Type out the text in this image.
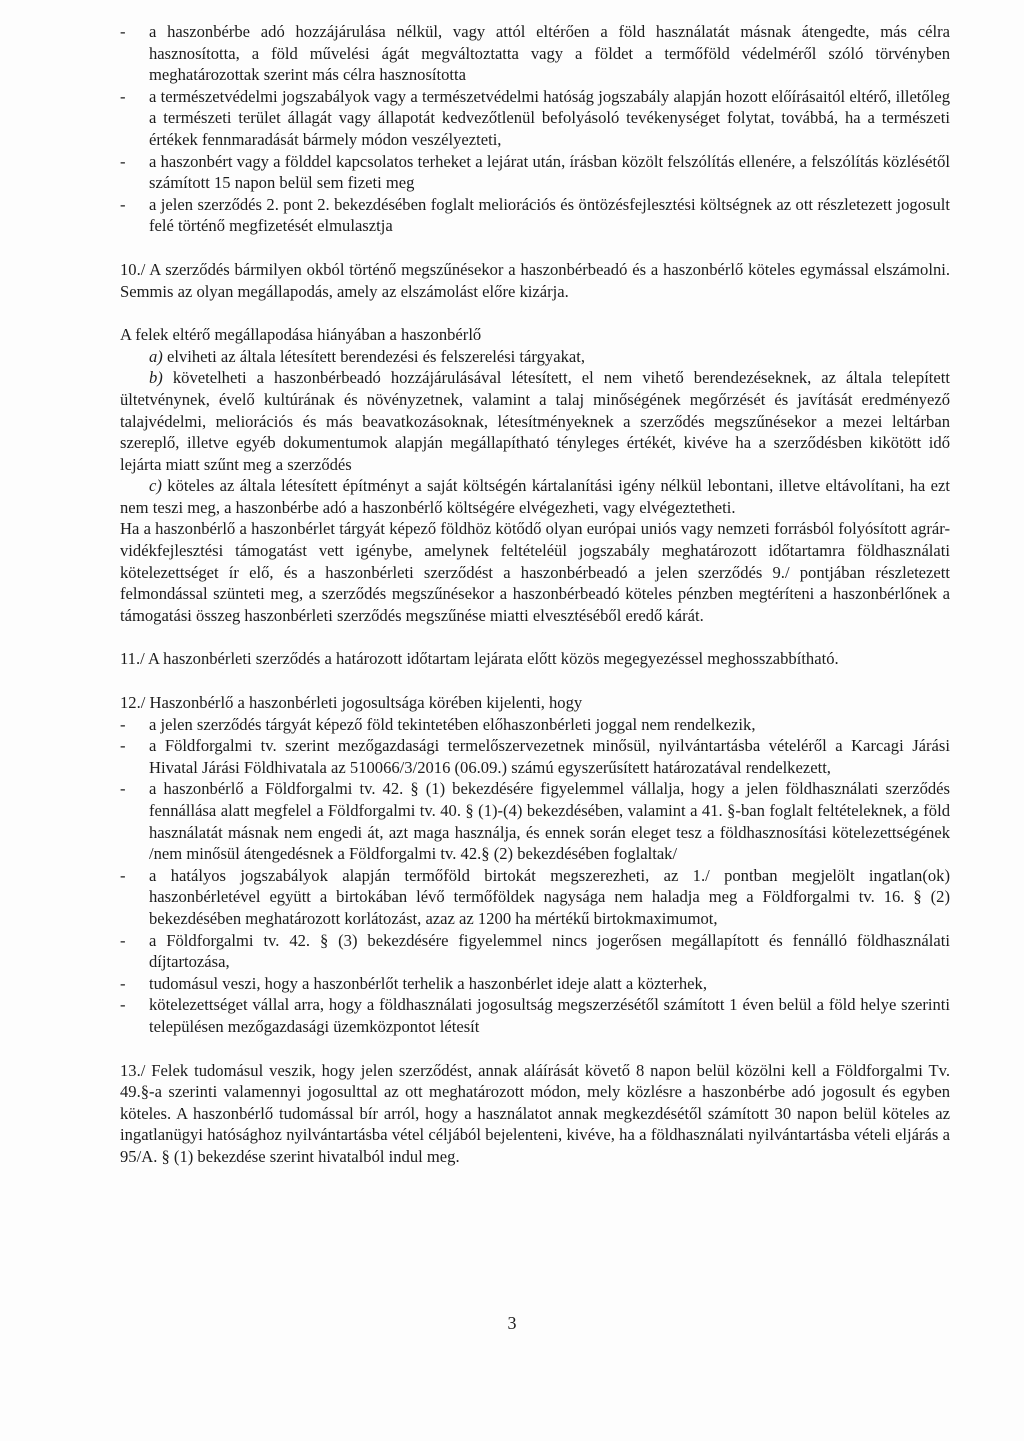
- a haszonbérbe adó hozzájárulása nélkül, vagy attól eltérően a föld használatát másnak átengedte, más célra hasznosította, a föld művelési ágát megváltoztatta vagy a földet a termőföld védelméről szóló törvényben meghatározottak szerint más célra hasznosította

- a természetvédelmi jogszabályok vagy a természetvédelmi hatóság jogszabály alapján hozott előírásaitól eltérő, illetőleg a természeti terület állagát vagy állapotát kedvezőtlenül befolyásoló tevékenységet folytat, továbbá, ha a természeti értékek fennmaradását bármely módon veszélyezteti,

- a haszonbért vagy a földdel kapcsolatos terheket a lejárat után, írásban közölt felszólítás ellenére, a felszólítás közlésétől számított 15 napon belül sem fizeti meg

- a jelen szerződés 2. pont 2. bekezdésében foglalt meliorációs és öntözésfejlesztési költségnek az ott részletezett jogosult felé történő megfizetését elmulasztja

10./ A szerződés bármilyen okból történő megszűnésekor a haszonbérbeadó és a haszonbérlő köteles egymással elszámolni. Semmis az olyan megállapodás, amely az elszámolást előre kizárja.

A felek eltérő megállapodása hiányában a haszonbérlő

a) elviheti az általa létesített berendezési és felszerelési tárgyakat,

b) követelheti a haszonbérbeadó hozzájárulásával létesített, el nem vihető berendezéseknek, az általa telepített ültetvénynek, évelő kultúrának és növényzetnek, valamint a talaj minőségének megőrzését és javítását eredményező talajvédelmi, meliorációs és más beavatkozásoknak, létesítményeknek a szerződés megszűnésekor a mezei leltárban szereplő, illetve egyéb dokumentumok alapján megállapítható tényleges értékét, kivéve ha a szerződésben kikötött idő lejárta miatt szűnt meg a szerződés

c) köteles az általa létesített építményt a saját költségén kártalanítási igény nélkül lebontani, illetve eltávolítani, ha ezt nem teszi meg, a haszonbérbe adó a haszonbérlő költségére elvégezheti, vagy elvégeztetheti.

Ha a haszonbérlő a haszonbérlet tárgyát képező földhöz kötődő olyan európai uniós vagy nemzeti forrásból folyósított agrár-vidékfejlesztési támogatást vett igénybe, amelynek feltételéül jogszabály meghatározott időtartamra földhasználati kötelezettséget ír elő, és a haszonbérleti szerződést a haszonbérbeadó a jelen szerződés 9./ pontjában részletezett felmondással szünteti meg, a szerződés megszűnésekor a haszonbérbeadó köteles pénzben megtéríteni a haszonbérlőnek a támogatási összeg haszonbérleti szerződés megszűnése miatti elvesztéséből eredő kárát.

11./ A haszonbérleti szerződés a határozott időtartam lejárata előtt közös megegyezéssel meghosszabbítható.

12./ Haszonbérlő a haszonbérleti jogosultsága körében kijelenti, hogy

- a jelen szerződés tárgyát képező föld tekintetében előhaszonbérleti joggal nem rendelkezik,

- a Földforgalmi tv. szerint mezőgazdasági termelőszervezetnek minősül, nyilvántartásba vételéről a Karcagi Járási Hivatal Járási Földhivatala az 510066/3/2016 (06.09.) számú egyszerűsített határozatával rendelkezett,

- a haszonbérlő a Földforgalmi tv. 42. § (1) bekezdésére figyelemmel vállalja, hogy a jelen földhasználati szerződés fennállása alatt megfelel a Földforgalmi tv. 40. § (1)-(4) bekezdésében, valamint a 41. §-ban foglalt feltételeknek, a föld használatát másnak nem engedi át, azt maga használja, és ennek során eleget tesz a földhasznosítási kötelezettségének /nem minősül átengedésnek a Földforgalmi tv. 42.§ (2) bekezdésében foglaltak/

- a hatályos jogszabályok alapján termőföld birtokát megszerezheti, az 1./ pontban megjelölt ingatlan(ok) haszonbérletével együtt a birtokában lévő termőföldek nagysága nem haladja meg a Földforgalmi tv. 16. § (2) bekezdésében meghatározott korlátozást, azaz az 1200 ha mértékű birtokmaximumot,

- a Földforgalmi tv. 42. § (3) bekezdésére figyelemmel nincs jogerősen megállapított és fennálló földhasználati díjtartozása,

- tudomásul veszi, hogy a haszonbérlőt terhelik a haszonbérlet ideje alatt a közterhek,

- kötelezettséget vállal arra, hogy a földhasználati jogosultság megszerzésétől számított 1 éven belül a föld helye szerinti településen mezőgazdasági üzemközpontot létesít

13./ Felek tudomásul veszik, hogy jelen szerződést, annak aláírását követő 8 napon belül közölni kell a Földforgalmi Tv. 49.§-a szerinti valamennyi jogosulttal az ott meghatározott módon, mely közlésre a haszonbérbe adó jogosult és egyben köteles. A haszonbérlő tudomással bír arról, hogy a használatot annak megkezdésétől számított 30 napon belül köteles az ingatlanügyi hatósághoz nyilvántartásba vétel céljából bejelenteni, kivéve, ha a földhasználati nyilvántartásba vételi eljárás a 95/A. § (1) bekezdése szerint hivatalból indul meg.

3
